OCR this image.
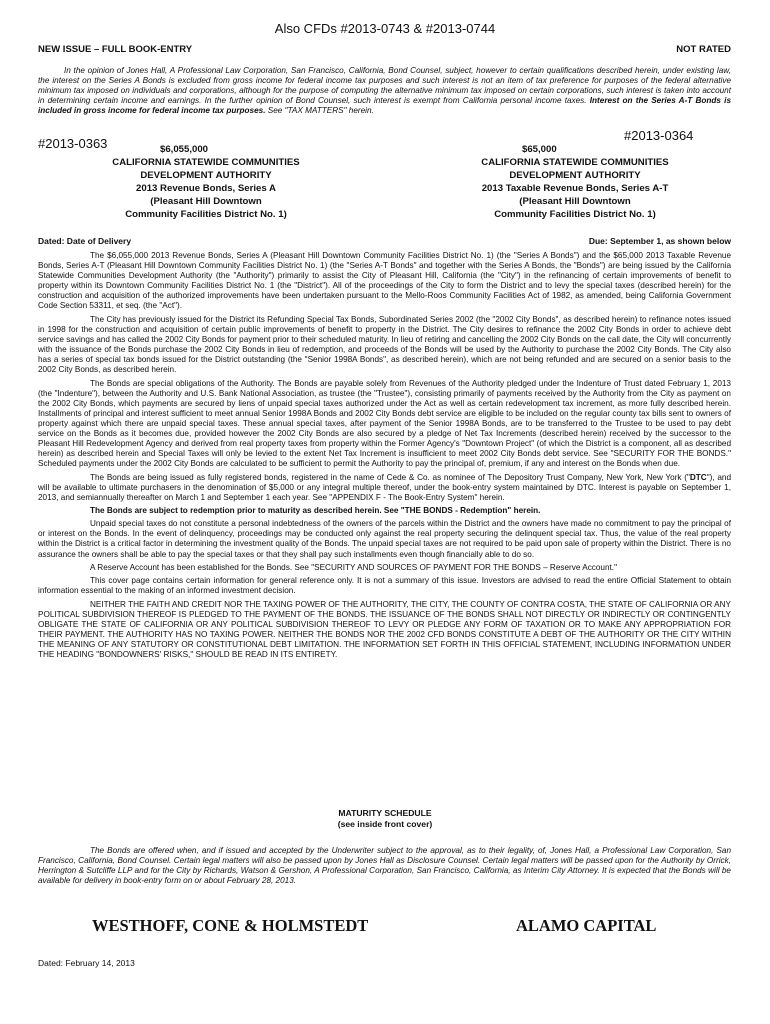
Also CFDs #2013-0743 & #2013-0744
NEW ISSUE – FULL BOOK-ENTRY	NOT RATED

In the opinion of Jones Hall, A Professional Law Corporation, San Francisco, California, Bond Counsel, subject, however to certain qualifications described herein, under existing law, the interest on the Series A Bonds is excluded from gross income for federal income tax purposes and such interest is not an item of tax preference for purposes of the federal alternative minimum tax imposed on individuals and corporations, although for the purpose of computing the alternative minimum tax imposed on certain corporations, such interest is taken into account in determining certain income and earnings. In the further opinion of Bond Counsel, such interest is exempt from California personal income taxes. Interest on the Series A-T Bonds is included in gross income for federal income tax purposes. See "TAX MATTERS" herein.

#2013-0363
#2013-0364
$6,055,000
CALIFORNIA STATEWIDE COMMUNITIES
DEVELOPMENT AUTHORITY
2013 Revenue Bonds, Series A
(Pleasant Hill Downtown
Community Facilities District No. 1)
$65,000
CALIFORNIA STATEWIDE COMMUNITIES
DEVELOPMENT AUTHORITY
2013 Taxable Revenue Bonds, Series A-T
(Pleasant Hill Downtown
Community Facilities District No. 1)
Dated: Date of Delivery	Due: September 1, as shown below

The $6,055,000 2013 Revenue Bonds, Series A (Pleasant Hill Downtown Community Facilities District No. 1) (the "Series A Bonds") and the $65,000 2013 Taxable Revenue Bonds, Series A-T (Pleasant Hill Downtown Community Facilities District No. 1) (the "Series A-T Bonds" and together with the Series A Bonds, the "Bonds") are being issued by the California Statewide Communities Development Authority (the "Authority") primarily to assist the City of Pleasant Hill, California (the "City") in the refinancing of certain improvements of benefit to property within its Downtown Community Facilities District No. 1 (the "District"). All of the proceedings of the City to form the District and to levy the special taxes (described herein) for the construction and acquisition of the authorized improvements have been undertaken pursuant to the Mello-Roos Community Facilities Act of 1982, as amended, being California Government Code Section 53311, et seq. (the "Act").

The City has previously issued for the District its Refunding Special Tax Bonds, Subordinated Series 2002 (the "2002 City Bonds", as described herein) to refinance notes issued in 1998 for the construction and acquisition of certain public improvements of benefit to property in the District. The City desires to refinance the 2002 City Bonds in order to achieve debt service savings and has called the 2002 City Bonds for payment prior to their scheduled maturity. In lieu of retiring and cancelling the 2002 City Bonds on the call date, the City will concurrently with the issuance of the Bonds purchase the 2002 City Bonds in lieu of redemption, and proceeds of the Bonds will be used by the Authority to purchase the 2002 City Bonds. The City also has a series of special tax bonds issued for the District outstanding (the "Senior 1998A Bonds", as described herein), which are not being refunded and are secured on a senior basis to the 2002 City Bonds, as described herein.

The Bonds are special obligations of the Authority. The Bonds are payable solely from Revenues of the Authority pledged under the Indenture of Trust dated February 1, 2013 (the "Indenture"), between the Authority and U.S. Bank National Association, as trustee (the "Trustee"), consisting primarily of payments received by the Authority from the City as payment on the 2002 City Bonds, which payments are secured by liens of unpaid special taxes authorized under the Act as well as certain redevelopment tax increment, as more fully described herein. Installments of principal and interest sufficient to meet annual Senior 1998A Bonds and 2002 City Bonds debt service are eligible to be included on the regular county tax bills sent to owners of property against which there are unpaid special taxes. These annual special taxes, after payment of the Senior 1998A Bonds, are to be transferred to the Trustee to be used to pay debt service on the Bonds as it becomes due, provided however the 2002 City Bonds are also secured by a pledge of Net Tax Increments (described herein) received by the successor to the Pleasant Hill Redevelopment Agency and derived from real property taxes from property within the Former Agency's "Downtown Project" (of which the District is a component, all as described herein) as described herein and Special Taxes will only be levied to the extent Net Tax Increment is insufficient to meet 2002 City Bonds debt service. See "SECURITY FOR THE BONDS." Scheduled payments under the 2002 City Bonds are calculated to be sufficient to permit the Authority to pay the principal of, premium, if any and interest on the Bonds when due.

The Bonds are being issued as fully registered bonds, registered in the name of Cede & Co. as nominee of The Depository Trust Company, New York, New York ("DTC"), and will be available to ultimate purchasers in the denomination of $5,000 or any integral multiple thereof, under the book-entry system maintained by DTC. Interest is payable on September 1, 2013, and semiannually thereafter on March 1 and September 1 each year. See "APPENDIX F - The Book-Entry System" herein.

The Bonds are subject to redemption prior to maturity as described herein. See "THE BONDS - Redemption" herein.

Unpaid special taxes do not constitute a personal indebtedness of the owners of the parcels within the District and the owners have made no commitment to pay the principal of or interest on the Bonds. In the event of delinquency, proceedings may be conducted only against the real property securing the delinquent special tax. Thus, the value of the real property within the District is a critical factor in determining the investment quality of the Bonds. The unpaid special taxes are not required to be paid upon sale of property within the District. There is no assurance the owners shall be able to pay the special taxes or that they shall pay such installments even though financially able to do so.

A Reserve Account has been established for the Bonds. See "SECURITY AND SOURCES OF PAYMENT FOR THE BONDS – Reserve Account."

This cover page contains certain information for general reference only. It is not a summary of this issue. Investors are advised to read the entire Official Statement to obtain information essential to the making of an informed investment decision.

NEITHER THE FAITH AND CREDIT NOR THE TAXING POWER OF THE AUTHORITY, THE CITY, THE COUNTY OF CONTRA COSTA, THE STATE OF CALIFORNIA OR ANY POLITICAL SUBDIVISION THEREOF IS PLEDGED TO THE PAYMENT OF THE BONDS. THE ISSUANCE OF THE BONDS SHALL NOT DIRECTLY OR INDIRECTLY OR CONTINGENTLY OBLIGATE THE STATE OF CALIFORNIA OR ANY POLITICAL SUBDIVISION THEREOF TO LEVY OR PLEDGE ANY FORM OF TAXATION OR TO MAKE ANY APPROPRIATION FOR THEIR PAYMENT. THE AUTHORITY HAS NO TAXING POWER. NEITHER THE BONDS NOR THE 2002 CFD BONDS CONSTITUTE A DEBT OF THE AUTHORITY OR THE CITY WITHIN THE MEANING OF ANY STATUTORY OR CONSTITUTIONAL DEBT LIMITATION. THE INFORMATION SET FORTH IN THIS OFFICIAL STATEMENT, INCLUDING INFORMATION UNDER THE HEADING "BONDOWNERS' RISKS," SHOULD BE READ IN ITS ENTIRETY.

MATURITY SCHEDULE
(see inside front cover)

The Bonds are offered when, and if issued and accepted by the Underwriter subject to the approval, as to their legality, of, Jones Hall, a Professional Law Corporation, San Francisco, California, Bond Counsel. Certain legal matters will also be passed upon by Jones Hall as Disclosure Counsel. Certain legal matters will be passed upon for the Authority by Orrick, Herrington & Sutcliffe LLP and for the City by Richards, Watson & Gershon, A Professional Corporation, San Francisco, California, as Interim City Attorney. It is expected that the Bonds will be available for delivery in book-entry form on or about February 28, 2013.

WESTHOFF, CONE & HOLMSTEDT	ALAMO CAPITAL
Dated: February 14, 2013
